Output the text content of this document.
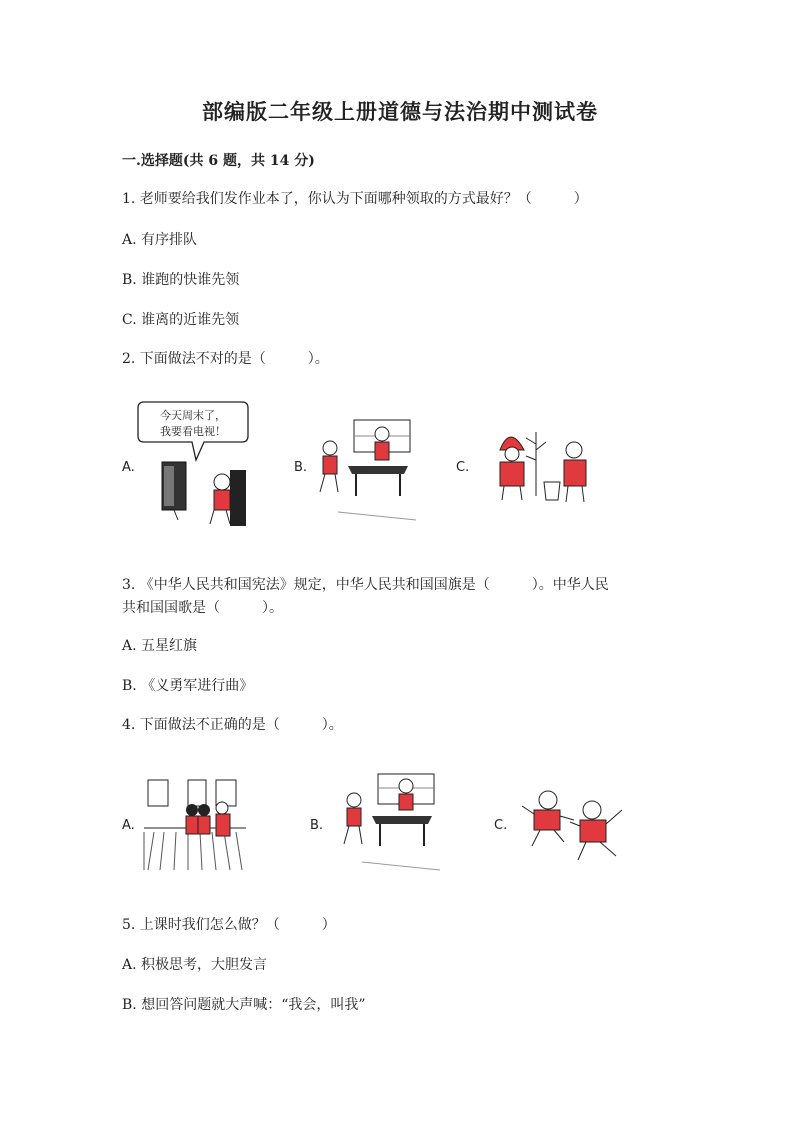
部编版二年级上册道德与法治期中测试卷
一.选择题(共 6 题，共 14 分)
1. 老师要给我们发作业本了，你认为下面哪种领取的方式最好？（　　　）
A. 有序排队
B. 谁跑的快谁先领
C. 谁离的近谁先领
2. 下面做法不对的是（　　　）。
A.
今天周末了，
我要看电视！
B.	C.
3. 《中华人民共和国宪法》规定，中华人民共和国国旗是（　　　）。中华人民
共和国国歌是（　　　）。
A. 五星红旗
B. 《义勇军进行曲》
4. 下面做法不正确的是（　　　）。
A.	B.	C.
5. 上课时我们怎么做？（　　　）
A. 积极思考，大胆发言
B. 想回答问题就大声喊：“我会，叫我”
